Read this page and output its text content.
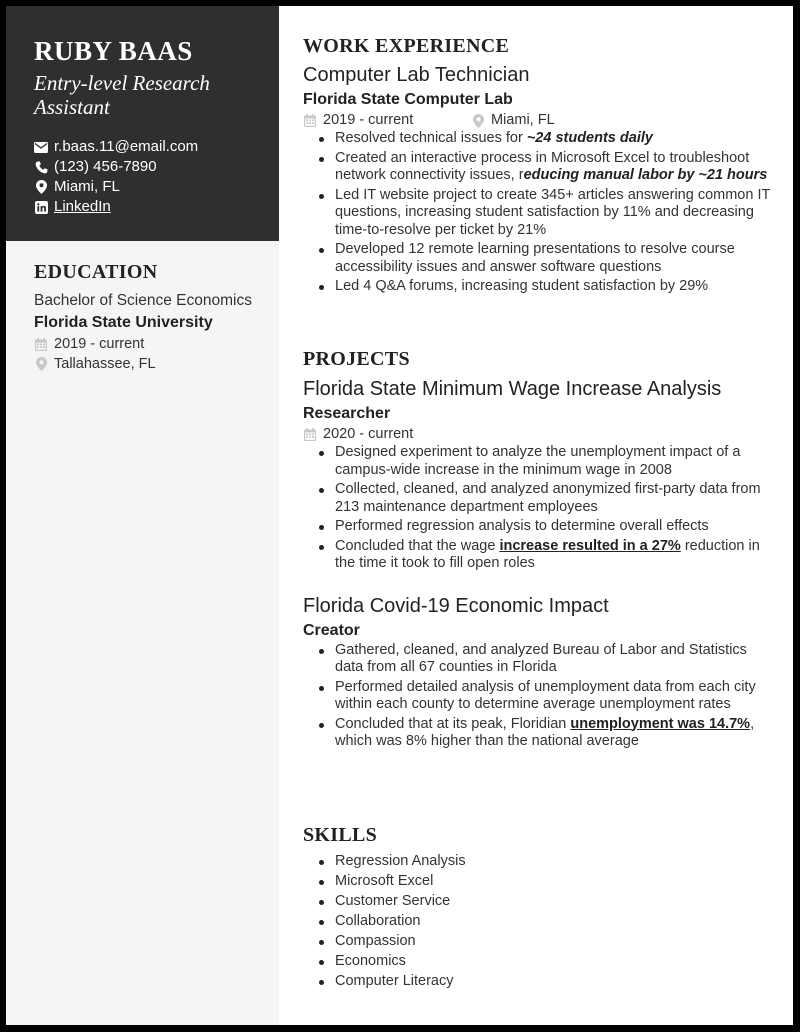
RUBY BAAS
Entry-level Research Assistant
r.baas.11@email.com
(123) 456-7890
Miami, FL
LinkedIn
EDUCATION
Bachelor of Science Economics
Florida State University
2019 - current
Tallahassee, FL
WORK EXPERIENCE
Computer Lab Technician
Florida State Computer Lab
2019 - current	Miami, FL
Resolved technical issues for ~24 students daily
Created an interactive process in Microsoft Excel to troubleshoot network connectivity issues, reducing manual labor by ~21 hours
Led IT website project to create 345+ articles answering common IT questions, increasing student satisfaction by 11% and decreasing time-to-resolve per ticket by 21%
Developed 12 remote learning presentations to resolve course accessibility issues and answer software questions
Led 4 Q&A forums, increasing student satisfaction by 29%
PROJECTS
Florida State Minimum Wage Increase Analysis
Researcher
2020 - current
Designed experiment to analyze the unemployment impact of a campus-wide increase in the minimum wage in 2008
Collected, cleaned, and analyzed anonymized first-party data from 213 maintenance department employees
Performed regression analysis to determine overall effects
Concluded that the wage increase resulted in a 27% reduction in the time it took to fill open roles
Florida Covid-19 Economic Impact
Creator
Gathered, cleaned, and analyzed Bureau of Labor and Statistics data from all 67 counties in Florida
Performed detailed analysis of unemployment data from each city within each county to determine average unemployment rates
Concluded that at its peak, Floridian unemployment was 14.7%, which was 8% higher than the national average
SKILLS
Regression Analysis
Microsoft Excel
Customer Service
Collaboration
Compassion
Economics
Computer Literacy
